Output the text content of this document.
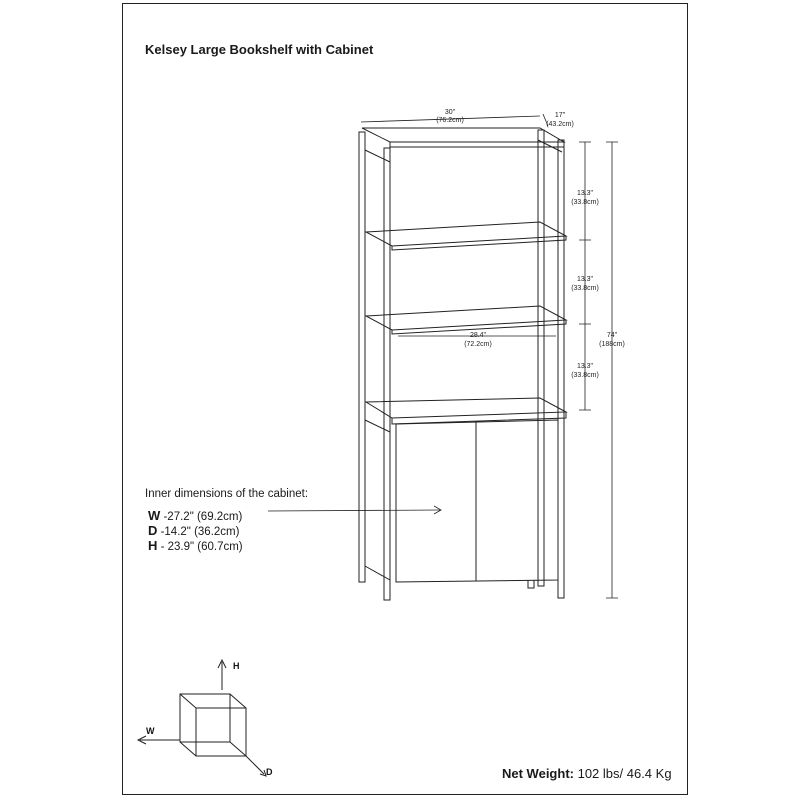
Kelsey Large Bookshelf with Cabinet
30"
(76.2cm)
17"
(43.2cm)
13.3"
(33.8cm)
13.3"
(33.8cm)
13.3"
(33.8cm)
28.4"
(72.2cm)
74"
(188cm)
H
W
D
Inner dimensions of the cabinet:
W -27.2" (69.2cm)
D -14.2" (36.2cm)
H - 23.9" (60.7cm)
Net Weight: 102 lbs/ 46.4 Kg
